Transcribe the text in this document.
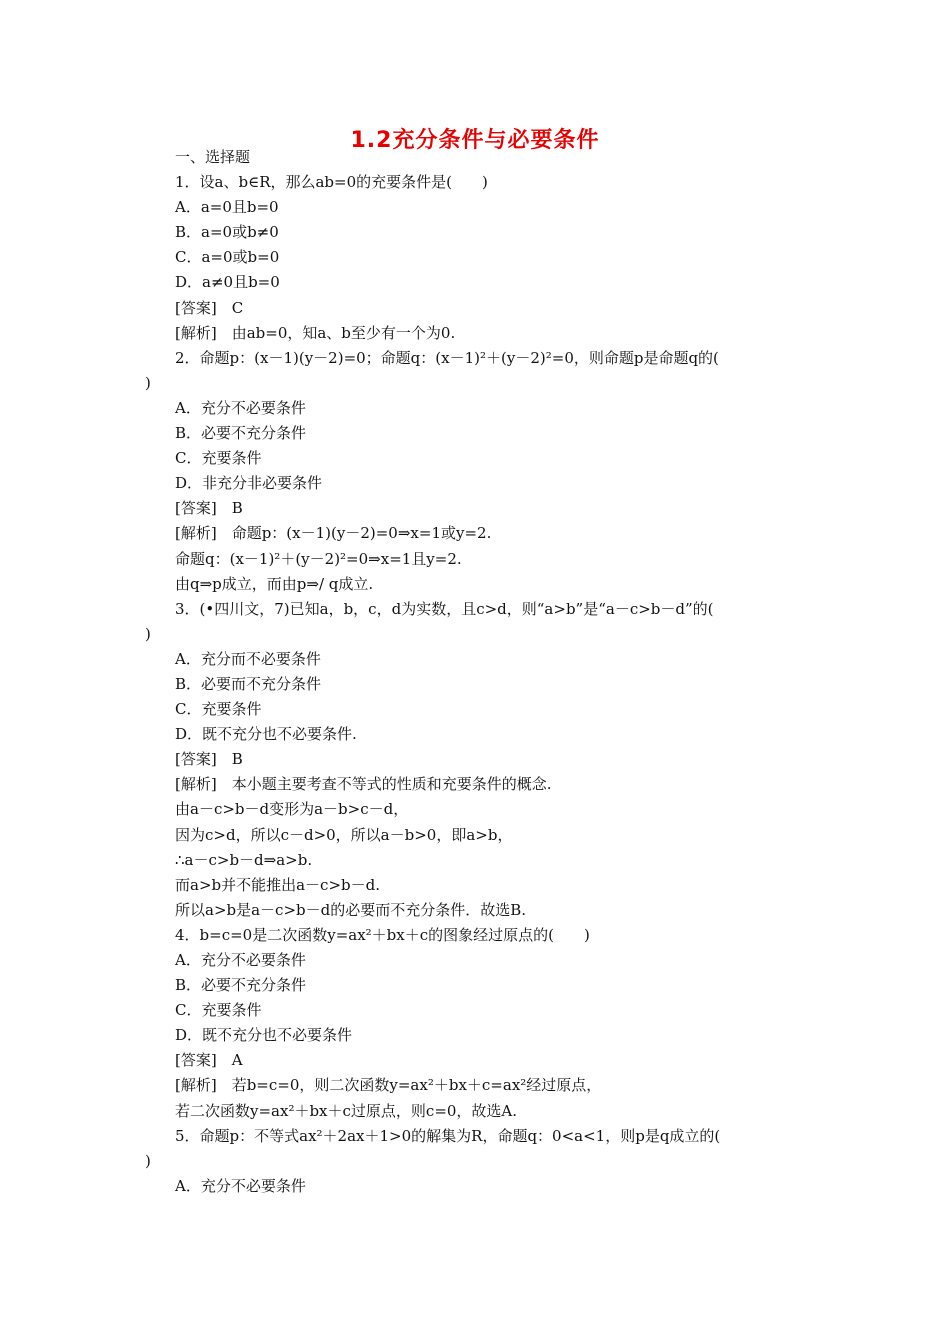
1.2充分条件与必要条件
一、选择题
1．设a、b∈R，那么ab=0的充要条件是(　　)
A．a=0且b=0
B．a=0或b≠0
C．a=0或b=0
D．a≠0且b=0
[答案]　C
[解析]　由ab=0，知a、b至少有一个为0.
2．命题p：(x－1)(y－2)=0；命题q：(x－1)²＋(y－2)²=0，则命题p是命题q的(
)
A．充分不必要条件
B．必要不充分条件
C．充要条件
D．非充分非必要条件
[答案]　B
[解析]　命题p：(x－1)(y－2)=0⇒x=1或y=2.
命题q：(x－1)²＋(y－2)²=0⇒x=1且y=2.
由q⇒p成立，而由p⇒/ q成立.
3．(•四川文，7)已知a，b，c，d为实数，且c>d，则“a>b”是“a－c>b－d”的(
)
A．充分而不必要条件
B．必要而不充分条件
C．充要条件
D．既不充分也不必要条件.
[答案]　B
[解析]　本小题主要考查不等式的性质和充要条件的概念.
由a－c>b－d变形为a－b>c－d，
因为c>d，所以c－d>0，所以a－b>0，即a>b，
∴a－c>b－d⇒a>b.
而a>b并不能推出a－c>b－d.
所以a>b是a－c>b－d的必要而不充分条件．故选B.
4．b=c=0是二次函数y=ax²＋bx＋c的图象经过原点的(　　)
A．充分不必要条件
B．必要不充分条件
C．充要条件
D．既不充分也不必要条件
[答案]　A
[解析]　若b=c=0，则二次函数y=ax²＋bx＋c=ax²经过原点，
若二次函数y=ax²＋bx＋c过原点，则c=0，故选A.
5．命题p：不等式ax²＋2ax＋1>0的解集为R，命题q：0<a<1，则p是q成立的(
)
A．充分不必要条件
